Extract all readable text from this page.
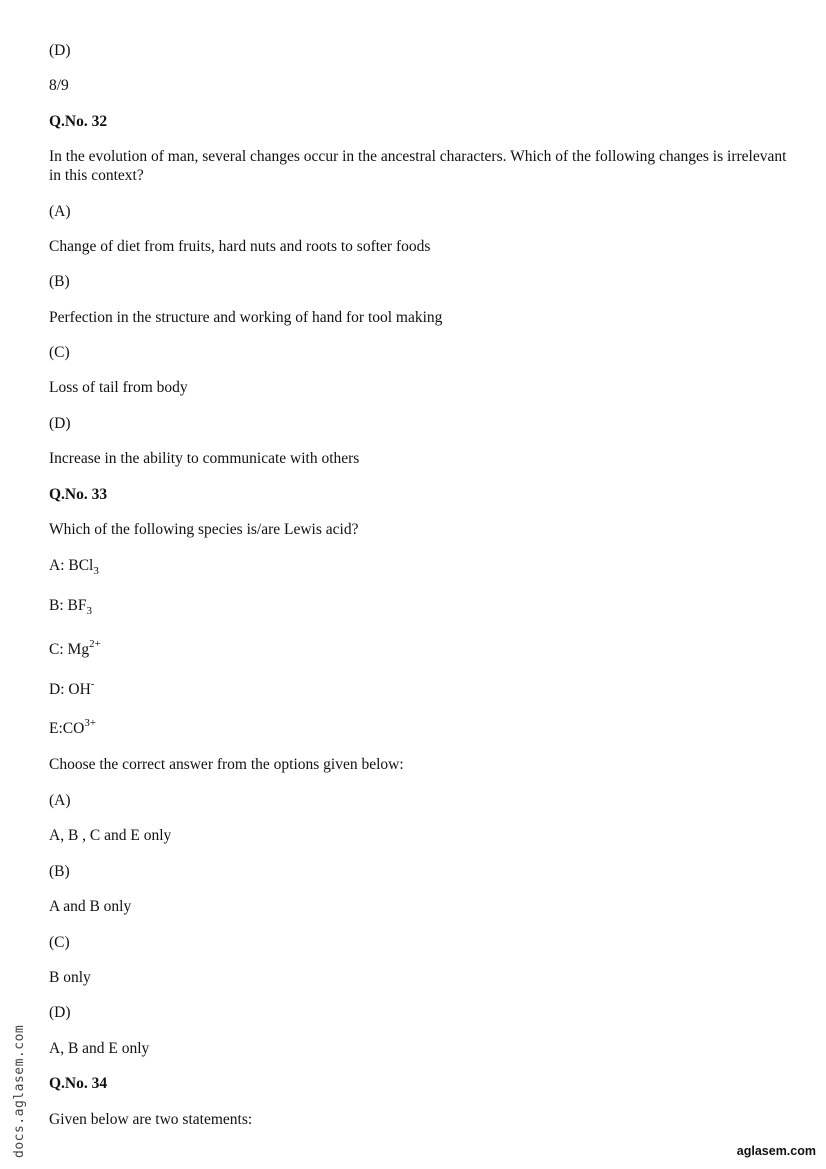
(D)
8/9
Q.No. 32
In the evolution of man, several changes occur in the ancestral characters. Which of the following changes is irrelevant in this context?
(A)
Change of diet from fruits, hard nuts and roots to softer foods
(B)
Perfection in the structure and working of hand for tool making
(C)
Loss of tail from body
(D)
Increase in the ability to communicate with others
Q.No. 33
Which of the following species is/are Lewis acid?
A: BCl$_3$
B: $BF_3$
C: $Mg^{2+}$
D: OH-
$E:CO^{3+}$
Choose the correct answer from the options given below:
(A)
A, B , C and E only
(B)
A and B only
(C)
B only
(D)
A, B and E only
Q.No. 34
Given below are two statements:
docs.aglasem.com	aglasem.com
